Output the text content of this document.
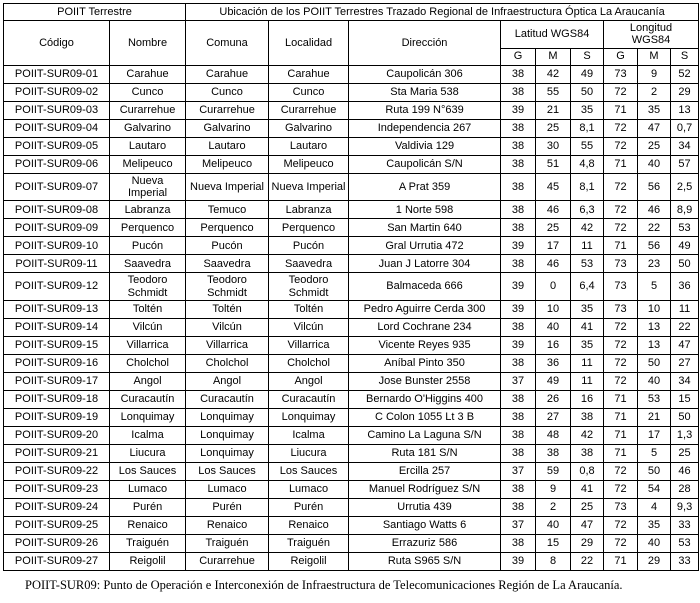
POIIT Terrestre		Ubicación de los POIIT Terrestres Trazado Regional de Infraestructura Óptica La Araucanía								
Código	Nombre	Comuna	Localidad	Dirección	Latitud WGS84			Longitud WGS84		
					G	M	S	G	M	S
POIIT-SUR09-01	Carahue	Carahue	Carahue	Caupolicán 306	38	42	49	73	9	52
POIIT-SUR09-02	Cunco	Cunco	Cunco	Sta Maria 538	38	55	50	72	2	29
POIIT-SUR09-03	Curarrehue	Curarrehue	Curarrehue	Ruta 199 N°639	39	21	35	71	35	13
POIIT-SUR09-04	Galvarino	Galvarino	Galvarino	Independencia 267	38	25	8,1	72	47	0,7
POIIT-SUR09-05	Lautaro	Lautaro	Lautaro	Valdivia 129	38	30	55	72	25	34
POIIT-SUR09-06	Melipeuco	Melipeuco	Melipeuco	Caupolicán S/N	38	51	4,8	71	40	57
POIIT-SUR09-07	Nueva Imperial	Nueva Imperial	Nueva Imperial	A Prat 359	38	45	8,1	72	56	2,5
POIIT-SUR09-08	Labranza	Temuco	Labranza	1 Norte 598	38	46	6,3	72	46	8,9
POIIT-SUR09-09	Perquenco	Perquenco	Perquenco	San Martin 640	38	25	42	72	22	53
POIIT-SUR09-10	Pucón	Pucón	Pucón	Gral Urrutia 472	39	17	11	71	56	49
POIIT-SUR09-11	Saavedra	Saavedra	Saavedra	Juan J Latorre 304	38	46	53	73	23	50
POIIT-SUR09-12	Teodoro Schmidt	Teodoro Schmidt	Teodoro Schmidt	Balmaceda 666	39	0	6,4	73	5	36
POIIT-SUR09-13	Toltén	Toltén	Toltén	Pedro Aguirre Cerda 300	39	10	35	73	10	11
POIIT-SUR09-14	Vilcún	Vilcún	Vilcún	Lord Cochrane 234	38	40	41	72	13	22
POIIT-SUR09-15	Villarrica	Villarrica	Villarrica	Vicente Reyes 935	39	16	35	72	13	47
POIIT-SUR09-16	Cholchol	Cholchol	Cholchol	Aníbal Pinto 350	38	36	11	72	50	27
POIIT-SUR09-17	Angol	Angol	Angol	Jose Bunster 2558	37	49	11	72	40	34
POIIT-SUR09-18	Curacautín	Curacautín	Curacautín	Bernardo O'Higgins 400	38	26	16	71	53	15
POIIT-SUR09-19	Lonquimay	Lonquimay	Lonquimay	C Colon 1055 Lt 3 B	38	27	38	71	21	50
POIIT-SUR09-20	Icalma	Lonquimay	Icalma	Camino La Laguna S/N	38	48	42	71	17	1,3
POIIT-SUR09-21	Liucura	Lonquimay	Liucura	Ruta 181 S/N	38	38	38	71	5	25
POIIT-SUR09-22	Los Sauces	Los Sauces	Los Sauces	Ercilla 257	37	59	0,8	72	50	46
POIIT-SUR09-23	Lumaco	Lumaco	Lumaco	Manuel Rodríguez S/N	38	9	41	72	54	28
POIIT-SUR09-24	Purén	Purén	Purén	Urrutia 439	38	2	25	73	4	9,3
POIIT-SUR09-25	Renaico	Renaico	Renaico	Santiago Watts 6	37	40	47	72	35	33
POIIT-SUR09-26	Traiguén	Traiguén	Traiguén	Errazuriz 586	38	15	29	72	40	53
POIIT-SUR09-27	Reigolil	Curarrehue	Reigolil	Ruta S965 S/N	39	8	22	71	29	33

POIIT-SUR09: Punto de Operación e Interconexión de Infraestructura de Telecomunicaciones Región de La Araucanía.
